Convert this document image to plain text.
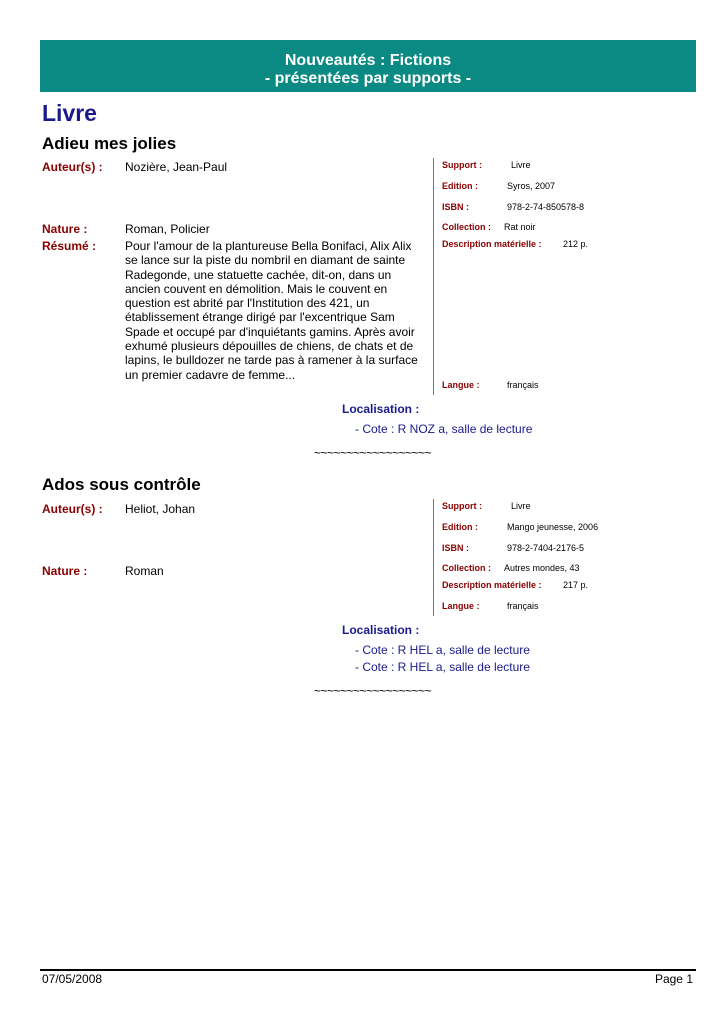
Nouveautés : Fictions
- présentées par supports -
Livre
Adieu mes jolies
Auteur(s) : Nozière, Jean-Paul
Nature :	Roman, Policier
Résumé : Pour l'amour de la plantureuse Bella Bonifaci, Alix Alix se lance sur la piste du nombril en diamant de sainte Radegonde, une statuette cachée, dit-on, dans un ancien couvent en démolition. Mais le couvent en question est abrité par l'Institution des 421, un établissement étrange dirigé par l'excentrique Sam Spade et occupé par d'inquiétants gamins. Après avoir exhumé plusieurs dépouilles de chiens, de chats et de lapins, le bulldozer ne tarde pas à ramener à la surface un premier cadavre de femme...
Support :	Livre
Edition :	Syros, 2007
ISBN :	978-2-74-850578-8
Collection : Rat noir
Description matérielle : 212 p.
Langue :	français
Localisation :
- Cote : R NOZ a, salle de lecture
~~~~~~~~~~~~~~~~~~
Ados sous contrôle
Auteur(s) : Heliot, Johan
Nature :	Roman
Support :	Livre
Edition :	Mango jeunesse, 2006
ISBN :	978-2-7404-2176-5
Collection : Autres mondes, 43
Description matérielle : 217 p.
Langue :	français
Localisation :
- Cote : R HEL a, salle de lecture
- Cote : R HEL a, salle de lecture
~~~~~~~~~~~~~~~~~~
07/05/2008	Page 1
